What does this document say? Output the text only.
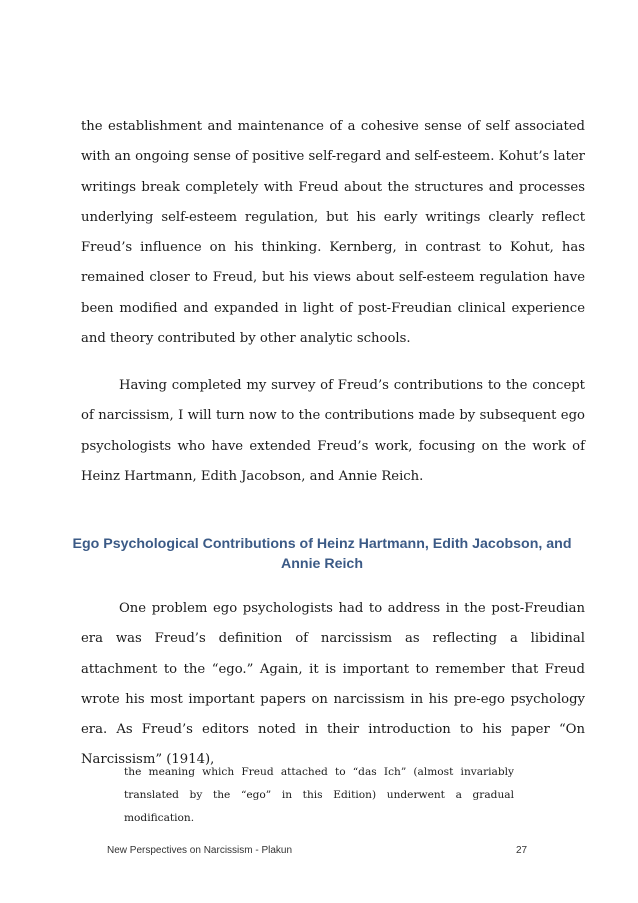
the establishment and maintenance of a cohesive sense of self associated with an ongoing sense of positive self-regard and self-esteem. Kohut’s later writings break completely with Freud about the structures and processes underlying self-esteem regulation, but his early writings clearly reflect Freud’s influence on his thinking. Kernberg, in contrast to Kohut, has remained closer to Freud, but his views about self-esteem regulation have been modified and expanded in light of post-Freudian clinical experience and theory contributed by other analytic schools.

Having completed my survey of Freud’s contributions to the concept of narcissism, I will turn now to the contributions made by subsequent ego psychologists who have extended Freud’s work, focusing on the work of Heinz Hartmann, Edith Jacobson, and Annie Reich.

Ego Psychological Contributions of Heinz Hartmann, Edith Jacobson, and
Annie Reich

One problem ego psychologists had to address in the post-Freudian era was Freud’s definition of narcissism as reflecting a libidinal attachment to the “ego.” Again, it is important to remember that Freud wrote his most important papers on narcissism in his pre-ego psychology era. As Freud’s editors noted in their introduction to his paper “On Narcissism” (1914),

the meaning which Freud attached to “das Ich” (almost invariably translated by the “ego” in this Edition) underwent a gradual modification.

New Perspectives on Narcissism - Plakun	27
